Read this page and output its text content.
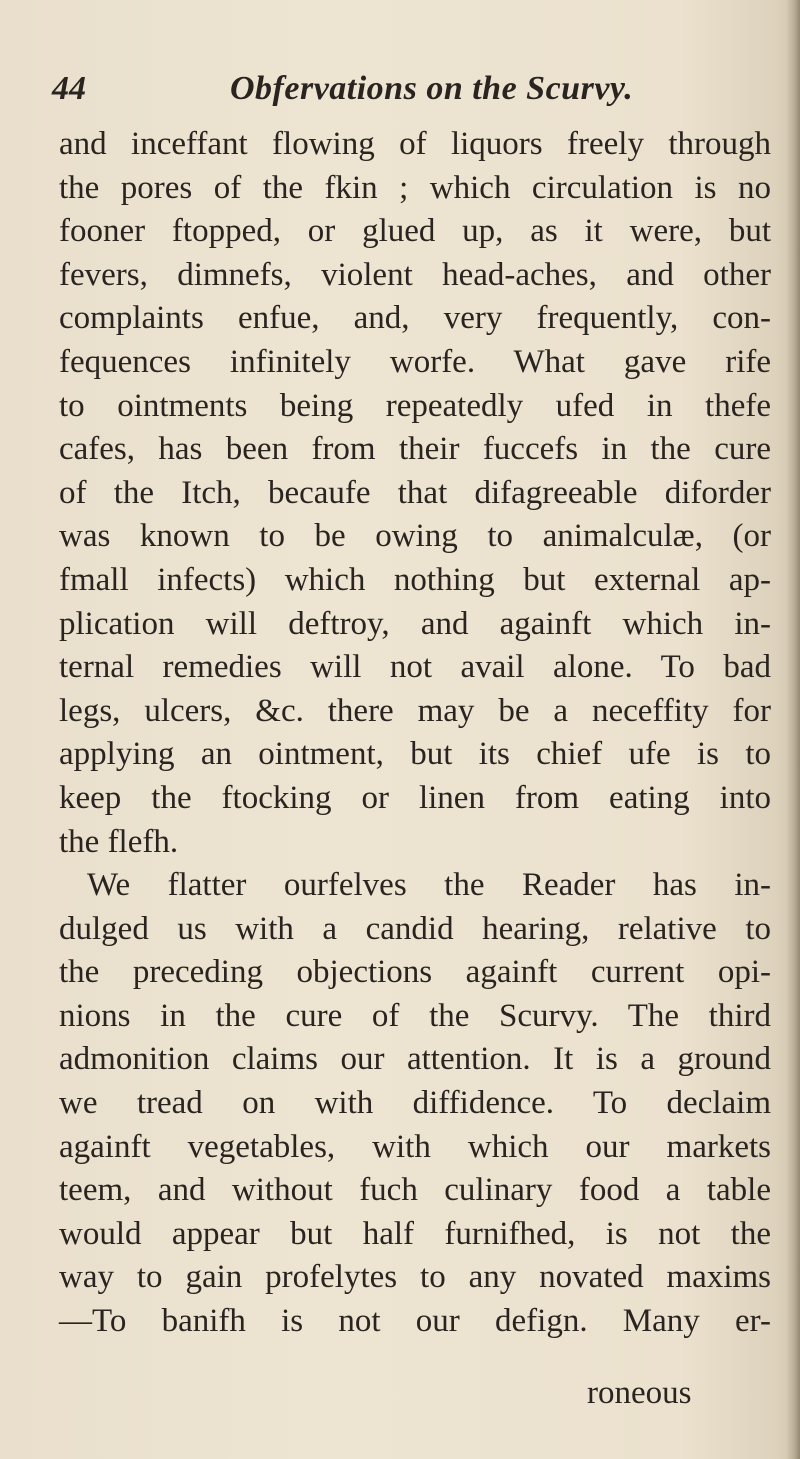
44	Obfervations on the Scurvy.
and inceffant flowing of liquors freely through
the pores of the fkin ; which circulation is no
fooner ftopped, or glued up, as it were, but
fevers, dimnefs, violent head-aches, and other
complaints enfue, and, very frequently, con-
fequences infinitely worfe. What gave rife
to ointments being repeatedly ufed in thefe
cafes, has been from their fuccefs in the cure
of the Itch, becaufe that difagreeable diforder
was known to be owing to animalculæ, (or
fmall infects) which nothing but external ap-
plication will deftroy, and againft which in-
ternal remedies will not avail alone. To bad
legs, ulcers, &c. there may be a neceffity for
applying an ointment, but its chief ufe is to
keep the ftocking or linen from eating into
the flefh.
We flatter ourfelves the Reader has in-
dulged us with a candid hearing, relative to
the preceding objections againft current opi-
nions in the cure of the Scurvy. The third
admonition claims our attention. It is a ground
we tread on with diffidence. To declaim
againft vegetables, with which our markets
teem, and without fuch culinary food a table
would appear but half furnifhed, is not the
way to gain profelytes to any novated maxims
—To banifh is not our defign. Many er-
roneous
